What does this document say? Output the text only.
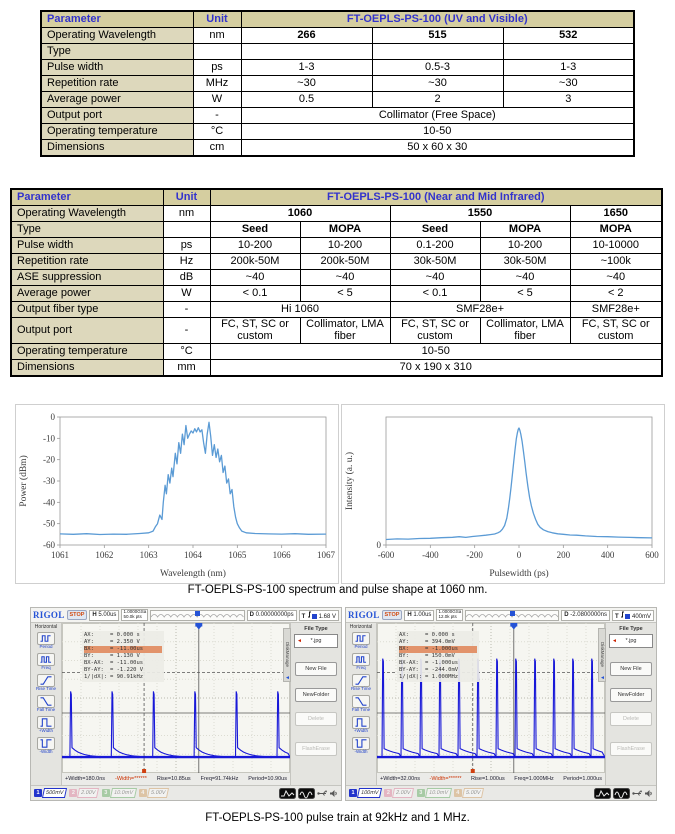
Parameter	Unit	FT-OEPLS-PS-100 (UV and Visible)		
Operating Wavelength	nm	266	515	532
Type				
Pulse width	ps	1-3	0.5-3	1-3
Repetition rate	MHz	~30	~30	~30
Average power	W	0.5	2	3
Output port	-	Collimator (Free Space)		
Operating temperature	°C	10-50		
Dimensions	cm	50 x 60 x 30		
Parameter	Unit	FT-OEPLS-PS-100 (Near and Mid Infrared)				
Operating Wavelength	nm	1060		1550		1650
Type		Seed	MOPA	Seed	MOPA	MOPA
Pulse width	ps	10-200	10-200	0.1-200	10-200	10-10000
Repetition rate	Hz	200k-50M	200k-50M	30k-50M	30k-50M	~100k
ASE suppression	dB	~40	~40	~40	~40	~40
Average power	W	< 0.1	< 5	< 0.1	< 5	< 2
Output fiber type	-	Hi 1060		SMF28e+		SMF28e+
Output port	-	FC, ST, SC or custom	Collimator, LMA fiber	FC, ST, SC or custom	Collimator, LMA fiber	FC, ST, SC or custom
Operating temperature	°C	10-50				
Dimensions	mm	70 x 190 x 310				
1061	1062	1063	1064	1065	1066	1067
0
-10
-20
-30
-40
-50
-60
Wavelength (nm)
Power (dBm)
-600	-400	-200	0	200	400	600
0
Pulsewidth (ps)
Intensity (a. u.)
FT-OEPLS-PS-100 spectrum and pulse shape at 1060 nm.
RIGOL STOP	H 5.00us	1.0000GSa
50.0k pts	D 0.00000000ps	T  1.68 V
Horizontal
Period
Freq
Rise Time
Fall Time
+Width
-Width
AX:	= 0.000 s
AY:	= 2.350 V
BX:	= -11.00us
BY:	= 1.130 V
BX-AX:	= -11.00us
BY-AY:	= -1.220 V
1/|dX|: = 90.91kHz
+Width=180.0ns -Width=****** Rise=10.85us Freq=91.74kHz Period=10.90us
DiskManage
◄
File Type
◄ *.jpg
New File
NewFolder
Delete
FlashErase
1	500mV	2	2.00V	3	10.0mV	4	5.00V
RIGOL STOP	H 1.00us	1.0000GSa
12.0k pts	D -2.0800000ns	T  400mV
Horizontal
Period
Freq
Rise Time
Fall Time
+Width
-Width
AX:	= 0.000 s
AY:	= 394.0mV
BX:	= -1.000us
BY:	= 150.0mV
BX-AX:	= -1.000us
BY-AY:	= -244.0mV
1/|dX|: = 1.000MHz
+Width=32.00ns -Width=****** Rise=1.000us Freq=1.000MHz Period=1.000us
DiskManage
◄
File Type
◄ *.jpg
New File
NewFolder
Delete
FlashErase
1	100mV	2	2.00V	3	10.0mV	4	5.00V
FT-OEPLS-PS-100 pulse train at 92kHz and 1 MHz.
